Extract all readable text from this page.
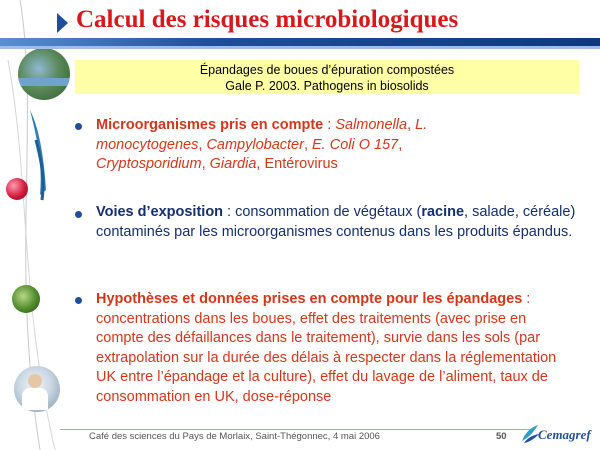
Calcul des risques microbiologiques
Épandages de boues d’épuration compostées
Gale P. 2003. Pathogens in biosolids
Microorganismes pris en compte : Salmonella, L.
monocytogenes, Campylobacter, E. Coli O 157,
Cryptosporidium, Giardia, Entérovirus
Voies d’exposition : consommation de végétaux (racine, salade, céréale) contaminés par les microorganismes contenus dans les produits épandus.
Hypothèses et données prises en compte pour les épandages : concentrations dans les boues, effet des traitements (avec prise en compte des défaillances dans le traitement), survie dans les sols (par extrapolation sur la durée des délais à respecter dans la réglementation UK entre l’épandage et la culture), effet du lavage de l’aliment, taux de consommation en UK, dose-réponse
Café des sciences du Pays de Morlaix, Saint-Thégonnec, 4 mai 2006	50 Cemagref
